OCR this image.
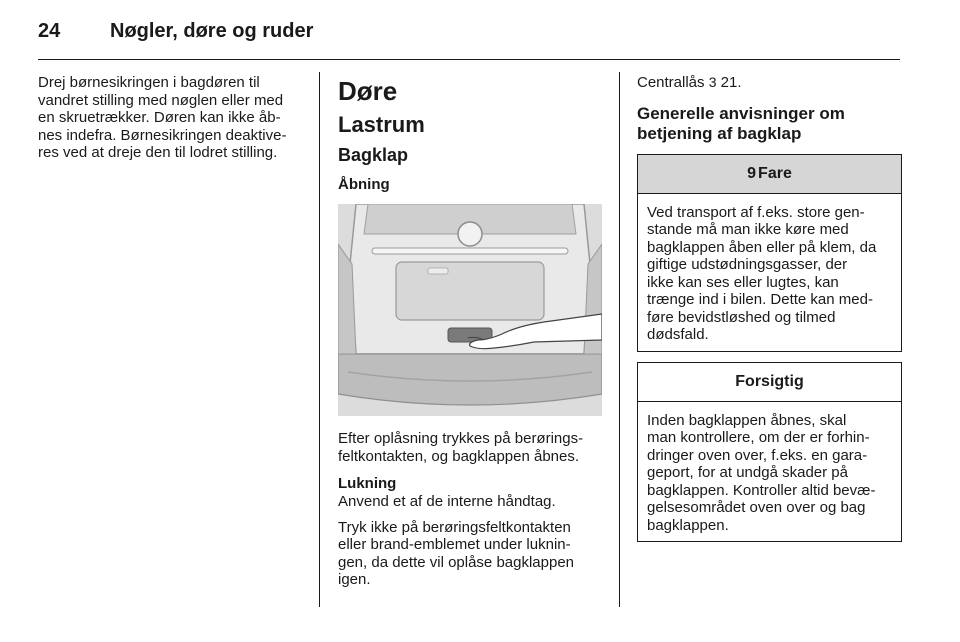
24 Nøgler, døre og ruder

Drej børnesikringen i bagdøren til

vandret stilling med nøglen eller med

en skruetrækker. Døren kan ikke åb-

nes indefra. Børnesikringen deaktive-

res ved at dreje den til lodret stilling.

Døre
Lastrum
Bagklap
Åbning

Efter oplåsning trykkes på berørings-

feltkontakten, og bagklappen åbnes.

Lukning

Anvend et af de interne håndtag.

Tryk ikke på berøringsfeltkontakten

eller brand-emblemet under luknin-

gen, da dette vil oplåse bagklappen

igen.

Centrallås 3 21.

Generelle anvisninger om
betjening af bagklap
9 Fare

Ved transport af f.eks. store gen-

stande må man ikke køre med

bagklappen åben eller på klem, da

giftige udstødningsgasser, der

ikke kan ses eller lugtes, kan

trænge ind i bilen. Dette kan med-

føre bevidstløshed og tilmed

dødsfald.

Forsigtig

Inden bagklappen åbnes, skal

man kontrollere, om der er forhin-

dringer oven over, f.eks. en gara-

geport, for at undgå skader på

bagklappen. Kontroller altid bevæ-

gelsesområdet oven over og bag

bagklappen.
